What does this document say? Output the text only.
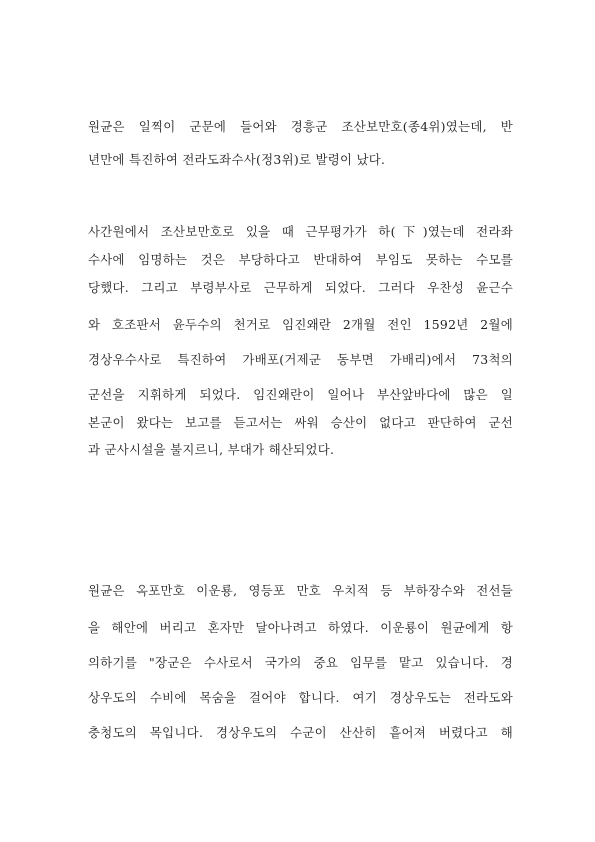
원균은 일찍이 군문에 들어와 경흥군 조산보만호(종4위)였는데, 반
년만에 특진하여 전라도좌수사(정3위)로 발령이 났다.
사간원에서 조산보만호로 있을 때 근무평가가 하(下)였는데 전라좌
수사에 임명하는 것은 부당하다고 반대하여 부임도 못하는 수모를
당했다. 그리고 부령부사로 근무하게 되었다. 그러다 우찬성 윤근수
와 호조판서 윤두수의 천거로 임진왜란 2개월 전인 1592년 2월에
경상우수사로 특진하여 가배포(거제군 동부면 가배리)에서 73척의
군선을 지휘하게 되었다. 임진왜란이 일어나 부산앞바다에 많은 일
본군이 왔다는 보고를 듣고서는 싸워 승산이 없다고 판단하여 군선
과 군사시설을 불지르니, 부대가 해산되었다.
원균은 옥포만호 이운룡, 영등포 만호 우치적 등 부하장수와 전선들
을 해안에 버리고 혼자만 달아나려고 하였다. 이운룡이 원균에게 항
의하기를 "장군은 수사로서 국가의 중요 임무를 맡고 있습니다. 경
상우도의 수비에 목숨을 걸어야 합니다. 여기 경상우도는 전라도와
충청도의 목입니다. 경상우도의 수군이 산산히 흩어져 버렸다고 해
